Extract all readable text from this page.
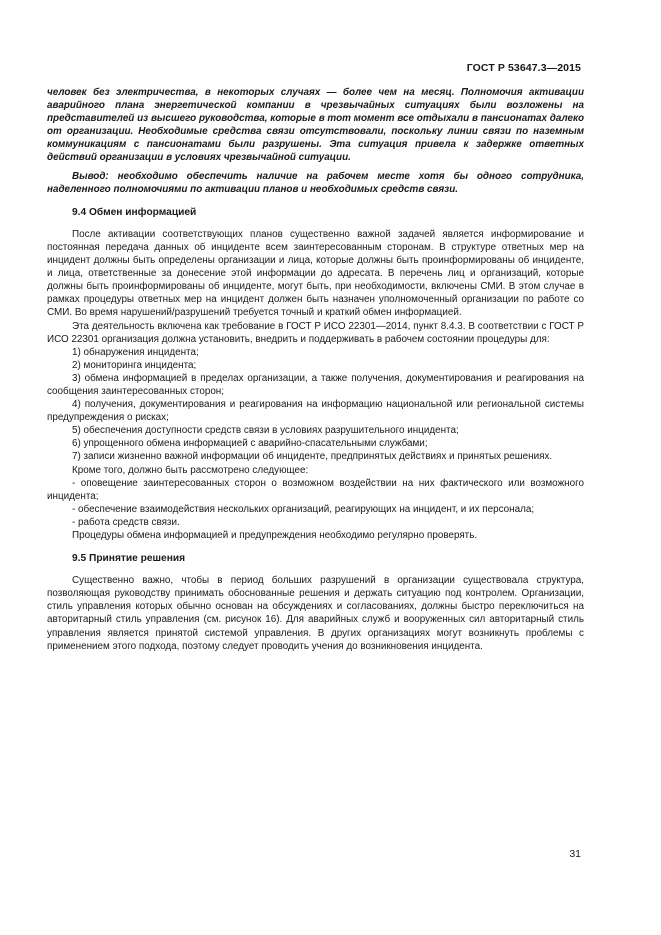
ГОСТ Р 53647.3—2015

человек без электричества, в некоторых случаях — более чем на месяц. Полномочия активации аварийного плана энергетической компании в чрезвычайных ситуациях были возложены на представителей из высшего руководства, которые в тот момент все отдыхали в пансионатах далеко от организации. Необходимые средства связи отсутствовали, поскольку линии связи по наземным коммуникациям с пансионатами были разрушены. Эта ситуация привела к задержке ответных действий организации в условиях чрезвычайной ситуации.

Вывод: необходимо обеспечить наличие на рабочем месте хотя бы одного сотрудника, наделенного полномочиями по активации планов и необходимых средств связи.

9.4 Обмен информацией

После активации соответствующих планов существенно важной задачей является информирование и постоянная передача данных об инциденте всем заинтересованным сторонам. В структуре ответных мер на инцидент должны быть определены организации и лица, которые должны быть проинформированы об инциденте, и лица, ответственные за донесение этой информации до адресата. В перечень лиц и организаций, которые должны быть проинформированы об инциденте, могут быть, при необходимости, включены СМИ. В этом случае в рамках процедуры ответных мер на инцидент должен быть назначен уполномоченный организации по работе со СМИ. Во время нарушений/разрушений требуется точный и краткий обмен информацией.

Эта деятельность включена как требование в ГОСТ Р ИСО 22301—2014, пункт 8.4.3. В соответствии с ГОСТ Р ИСО 22301 организация должна установить, внедрить и поддерживать в рабочем состоянии процедуры для:

1) обнаружения инцидента;

2) мониторинга инцидента;

3) обмена информацией в пределах организации, а также получения, документирования и реагирования на сообщения заинтересованных сторон;

4) получения, документирования и реагирования на информацию национальной или региональной системы предупреждения о рисках;

5) обеспечения доступности средств связи в условиях разрушительного инцидента;

6) упрощенного обмена информацией с аварийно-спасательными службами;

7) записи жизненно важной информации об инциденте, предпринятых действиях и принятых решениях.

Кроме того, должно быть рассмотрено следующее:

- оповещение заинтересованных сторон о возможном воздействии на них фактического или возможного инцидента;

- обеспечение взаимодействия нескольких организаций, реагирующих на инцидент, и их персонала;

- работа средств связи.

Процедуры обмена информацией и предупреждения необходимо регулярно проверять.

9.5 Принятие решения

Существенно важно, чтобы в период больших разрушений в организации существовала структура, позволяющая руководству принимать обоснованные решения и держать ситуацию под контролем. Организации, стиль управления которых обычно основан на обсуждениях и согласованиях, должны быстро переключиться на авторитарный стиль управления (см. рисунок 16). Для аварийных служб и вооруженных сил авторитарный стиль управления является принятой системой управления. В других организациях могут возникнуть проблемы с применением этого подхода, поэтому следует проводить учения до возникновения инцидента.

31
